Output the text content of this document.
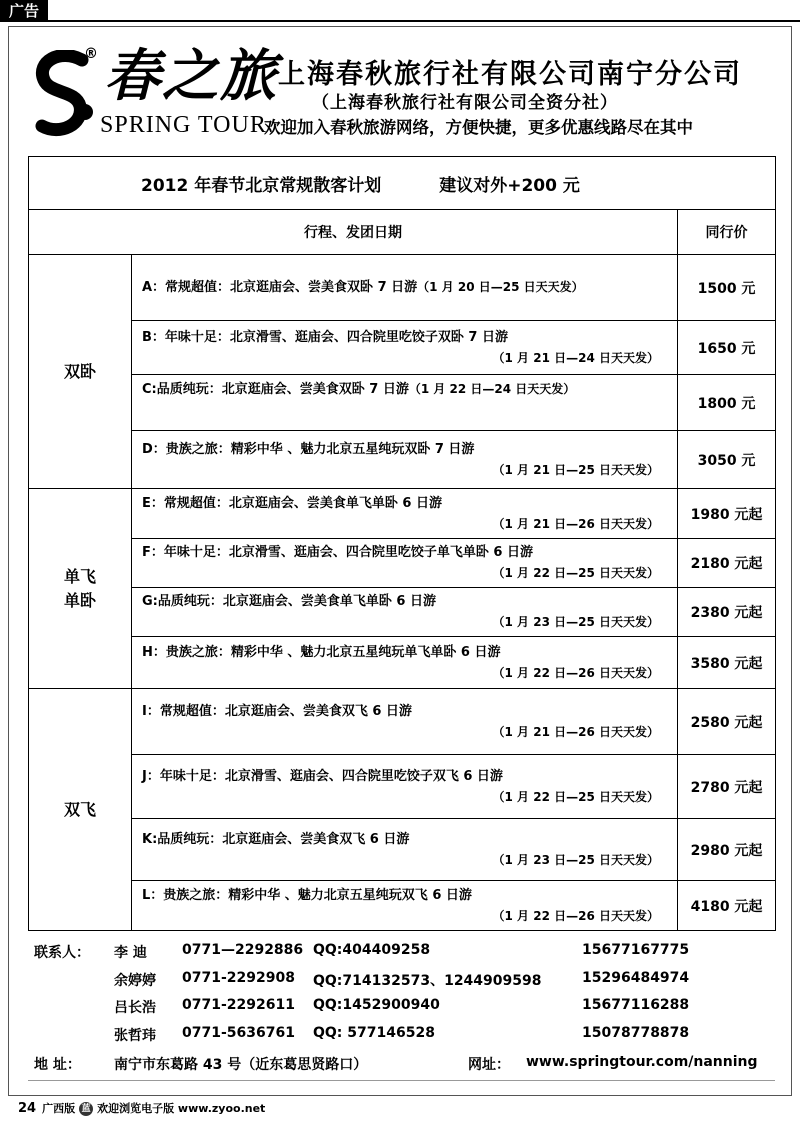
广告
® 春之旅
SPRING TOUR
上海春秋旅行社有限公司南宁分公司
（上海春秋旅行社有限公司全资分社）
欢迎加入春秋旅游网络，方便快捷，更多优惠线路尽在其中
2012 年春节北京常规散客计划 建议对外+200 元		
行程、发团日期		同行价
双卧	A：常规超值：北京逛庙会、尝美食双卧 7 日游（1 月 20 日—25 日天天发）	1500 元
	B：年味十足：北京滑雪、逛庙会、四合院里吃饺子双卧 7 日游
（1 月 21 日—24 日天天发）	1650 元
	C:品质纯玩：北京逛庙会、尝美食双卧 7 日游（1 月 22 日—24 日天天发）	1800 元
	D：贵族之旅：精彩中华 、魅力北京五星纯玩双卧 7 日游
（1 月 21 日—25 日天天发）	3050 元
单飞
单卧	E：常规超值：北京逛庙会、尝美食单飞单卧 6 日游
（1 月 21 日—26 日天天发）	1980 元起
	F：年味十足：北京滑雪、逛庙会、四合院里吃饺子单飞单卧 6 日游
（1 月 22 日—25 日天天发）	2180 元起
	G:品质纯玩：北京逛庙会、尝美食单飞单卧 6 日游
（1 月 23 日—25 日天天发）	2380 元起
	H：贵族之旅：精彩中华 、魅力北京五星纯玩单飞单卧 6 日游
（1 月 22 日—26 日天天发）	3580 元起
双飞	I：常规超值：北京逛庙会、尝美食双飞 6 日游
（1 月 21 日—26 日天天发）	2580 元起
	J：年味十足：北京滑雪、逛庙会、四合院里吃饺子双飞 6 日游
（1 月 22 日—25 日天天发）	2780 元起
	K:品质纯玩：北京逛庙会、尝美食双飞 6 日游
（1 月 23 日—25 日天天发）	2980 元起
	L：贵族之旅：精彩中华 、魅力北京五星纯玩双飞 6 日游
（1 月 22 日—26 日天天发）	4180 元起
联系人： 李 迪	0771—2292886 QQ:404409258	15677167775
余婷婷 0771-2292908 QQ:714132573、1244909598	15296484974
吕长浩 0771-2292611 QQ:1452900940	15677116288
张哲玮 0771-5636761 QQ: 577146528	15078778878
地 址： 南宁市东葛路 43 号（近东葛思贤路口）	网址： www.springtour.com/nanning
24 广西版 蓝 欢迎浏览电子版 www.zyoo.net
